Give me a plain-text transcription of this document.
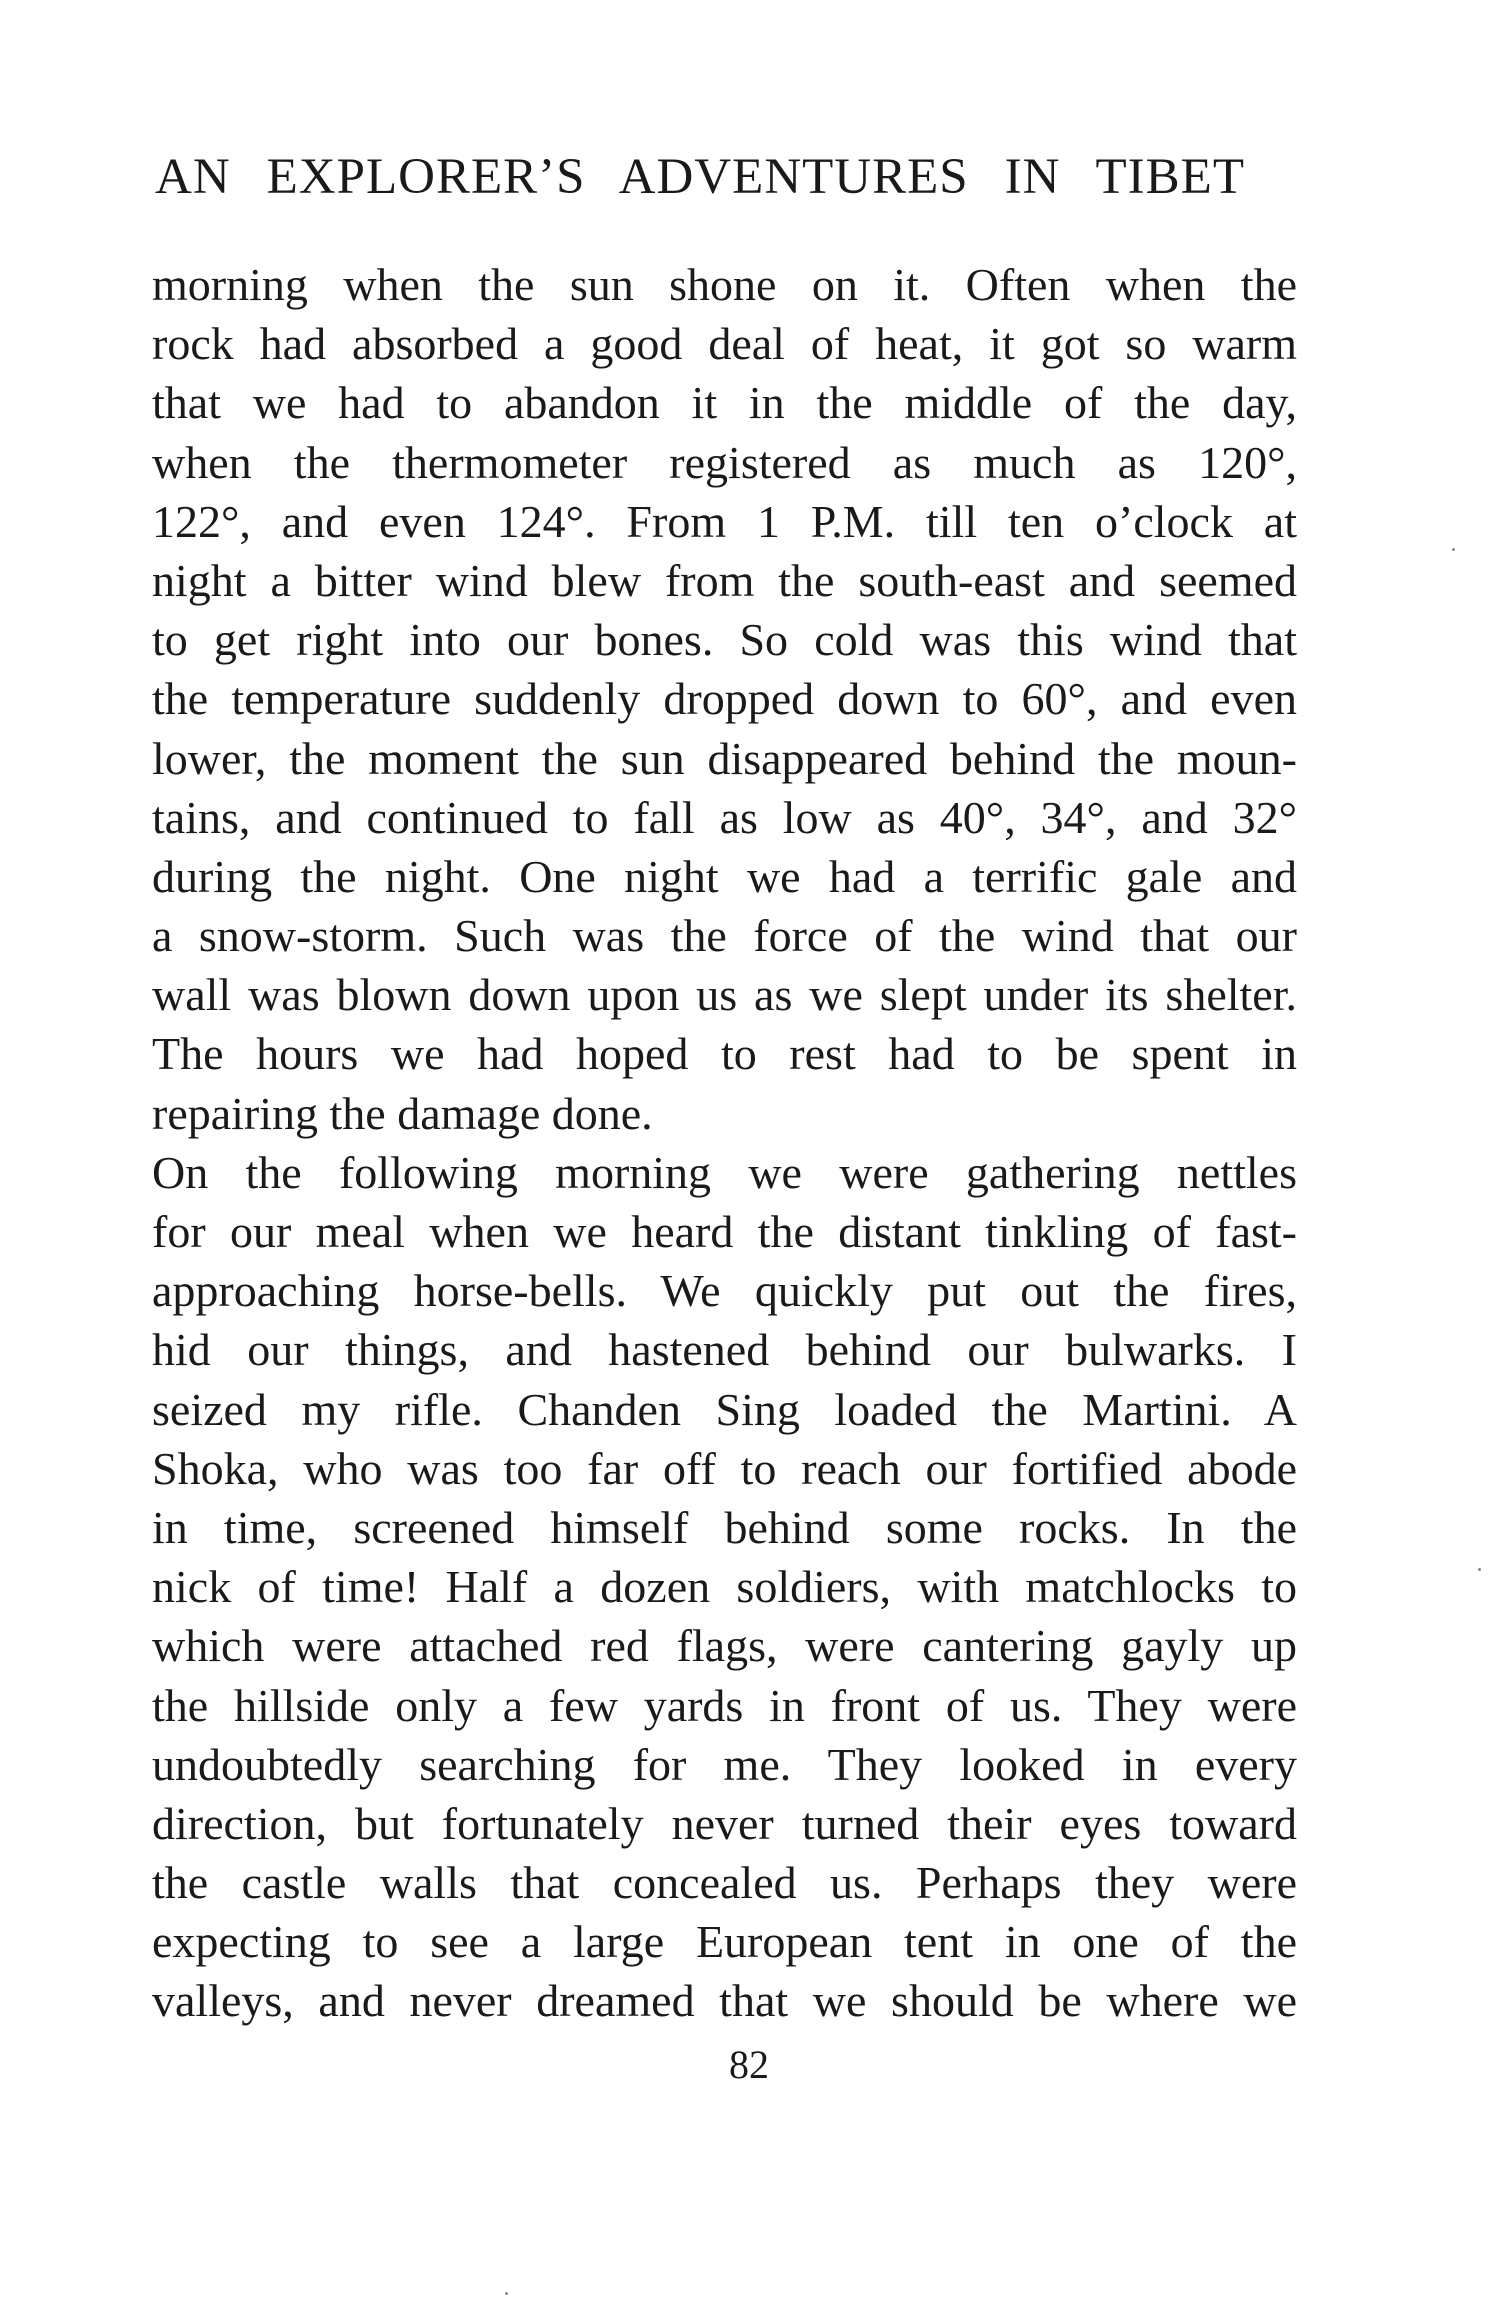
AN EXPLORER’S ADVENTURES IN TIBET
morning when the sun shone on it. Often when the
rock had absorbed a good deal of heat, it got so warm
that we had to abandon it in the middle of the day,
when the thermometer registered as much as 120°,
122°, and even 124°. From 1 P.M. till ten o’clock at
night a bitter wind blew from the south-east and seemed
to get right into our bones. So cold was this wind that
the temperature suddenly dropped down to 60°, and even
lower, the moment the sun disappeared behind the moun-
tains, and continued to fall as low as 40°, 34°, and 32°
during the night. One night we had a terrific gale and
a snow-storm. Such was the force of the wind that our
wall was blown down upon us as we slept under its shelter.
The hours we had hoped to rest had to be spent in
repairing the damage done.
On the following morning we were gathering nettles
for our meal when we heard the distant tinkling of fast-
approaching horse-bells. We quickly put out the fires,
hid our things, and hastened behind our bulwarks. I
seized my rifle. Chanden Sing loaded the Martini. A
Shoka, who was too far off to reach our fortified abode
in time, screened himself behind some rocks. In the
nick of time! Half a dozen soldiers, with matchlocks to
which were attached red flags, were cantering gayly up
the hillside only a few yards in front of us. They were
undoubtedly searching for me. They looked in every
direction, but fortunately never turned their eyes toward
the castle walls that concealed us. Perhaps they were
expecting to see a large European tent in one of the
valleys, and never dreamed that we should be where we
82
